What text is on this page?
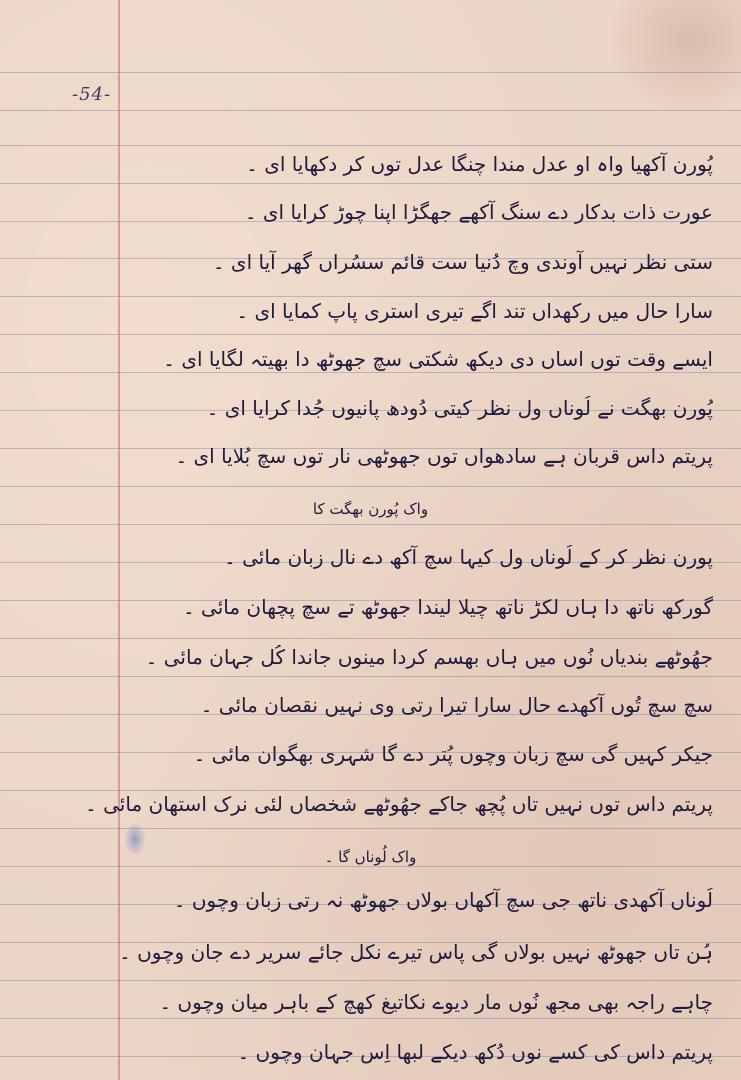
-54-
پُورن آکھیا واہ او عدل مندا چنگا عدل توں کر دکھایا ای ۔
عورت ذات بدکار دے سنگ آکھے جھگڑا اپنا چوڑ کرایا ای ۔
ستی نظر نہیں آوندی وچ دُنیا ست قائم سسُراں گھر آیا ای ۔
سارا حال میں رکھداں تند اگے تیری استری پاپ کمایا ای ۔
ایسے وقت توں اساں دی دیکھ شکتی سچ جھوٹھ دا بھیتہ لگایا ای ۔
پُورن بھگت نے لُوناں ول نظر کیتی دُودھ پانیوں جُدا کرایا ای ۔
پریتم داس قربان ہے سادھواں توں جھوٹھی نار توں سچ بُلایا ای ۔
واک پُورن بھگت کا
پورن نظر کر کے لُوناں ول کیہا سچ آکھ دے نال زبان مائی ۔
گورکھ ناتھ دا ہاں لکڑ ناتھ چیلا لیندا جھوٹھ تے سچ پچھان مائی ۔
جھُوٹھے بندیاں نُوں میں ہاں بھسم کردا مینوں جاندا کُل جہان مائی ۔
سچ سچ تُوں آکھدے حال سارا تیرا رتی وی نہیں نقصان مائی ۔
جیکر کہیں گی سچ زبان وچوں پُتر دے گا شہری بھگوان مائی ۔
پریتم داس توں نہیں تاں پُچھ جاکے جھُوٹھے شخصاں لئی نرک استھان مائی ۔
واک لُوناں گا ۔
لُوناں آکھدی ناتھ جی سچ آکھاں بولاں جھوٹھ نہ رتی زبان وچوں ۔
ہُن تاں جھوٹھ نہیں بولاں گی پاس تیرے نکل جائے سریر دے جان وچوں ۔
چاہے راجہ بھی مجھ نُوں مار دیوے نکاتیغ کھچ کے باہر میان وچوں ۔
پریتم داس کی کسے نوں دُکھ دیکے لبھا اِس جہان وچوں ۔
